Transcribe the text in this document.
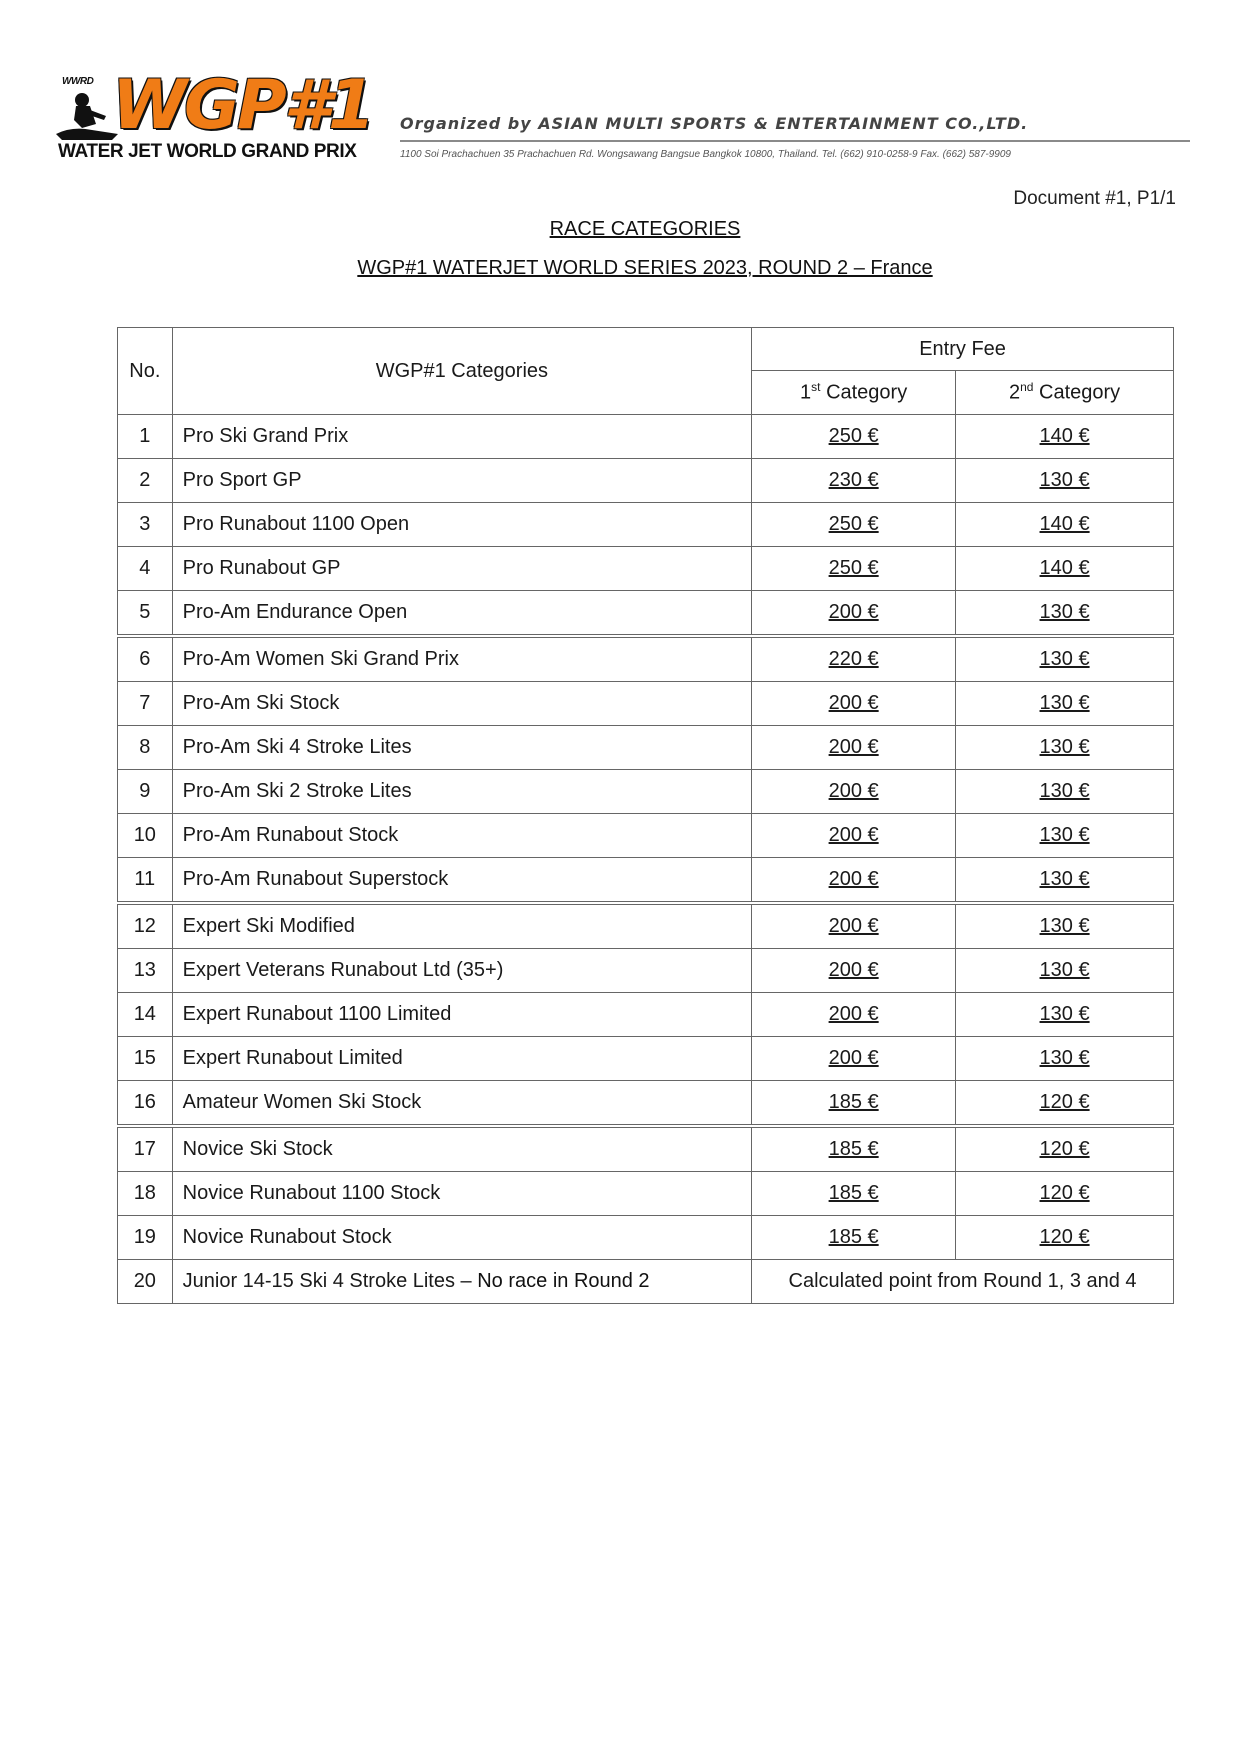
WWRD WGP#1
WATER JET WORLD GRAND PRIX
Organized by ASIAN MULTI SPORTS & ENTERTAINMENT CO.,LTD.
1100 Soi Prachachuen 35 Prachachuen Rd. Wongsawang Bangsue Bangkok 10800, Thailand. Tel. (662) 910-0258-9 Fax. (662) 587-9909
Document #1, P1/1
RACE CATEGORIES
WGP#1 WATERJET WORLD SERIES 2023, ROUND 2 – France
No.	WGP#1 Categories	Entry Fee	
		1st Category	2nd Category
1	Pro Ski Grand Prix	250 €	140 €
2	Pro Sport GP	230 €	130 €
3	Pro Runabout 1100 Open	250 €	140 €
4	Pro Runabout GP	250 €	140 €
5	Pro-Am Endurance Open	200 €	130 €
6	Pro-Am Women Ski Grand Prix	220 €	130 €
7	Pro-Am Ski Stock	200 €	130 €
8	Pro-Am Ski 4 Stroke Lites	200 €	130 €
9	Pro-Am Ski 2 Stroke Lites	200 €	130 €
10	Pro-Am Runabout Stock	200 €	130 €
11	Pro-Am Runabout Superstock	200 €	130 €
12	Expert Ski Modified	200 €	130 €
13	Expert Veterans Runabout Ltd (35+)	200 €	130 €
14	Expert Runabout 1100 Limited	200 €	130 €
15	Expert Runabout Limited	200 €	130 €
16	Amateur Women Ski Stock	185 €	120 €
17	Novice Ski Stock	185 €	120 €
18	Novice Runabout 1100 Stock	185 €	120 €
19	Novice Runabout Stock	185 €	120 €
20	Junior 14-15 Ski 4 Stroke Lites – No race in Round 2	Calculated point from Round 1, 3 and 4	
